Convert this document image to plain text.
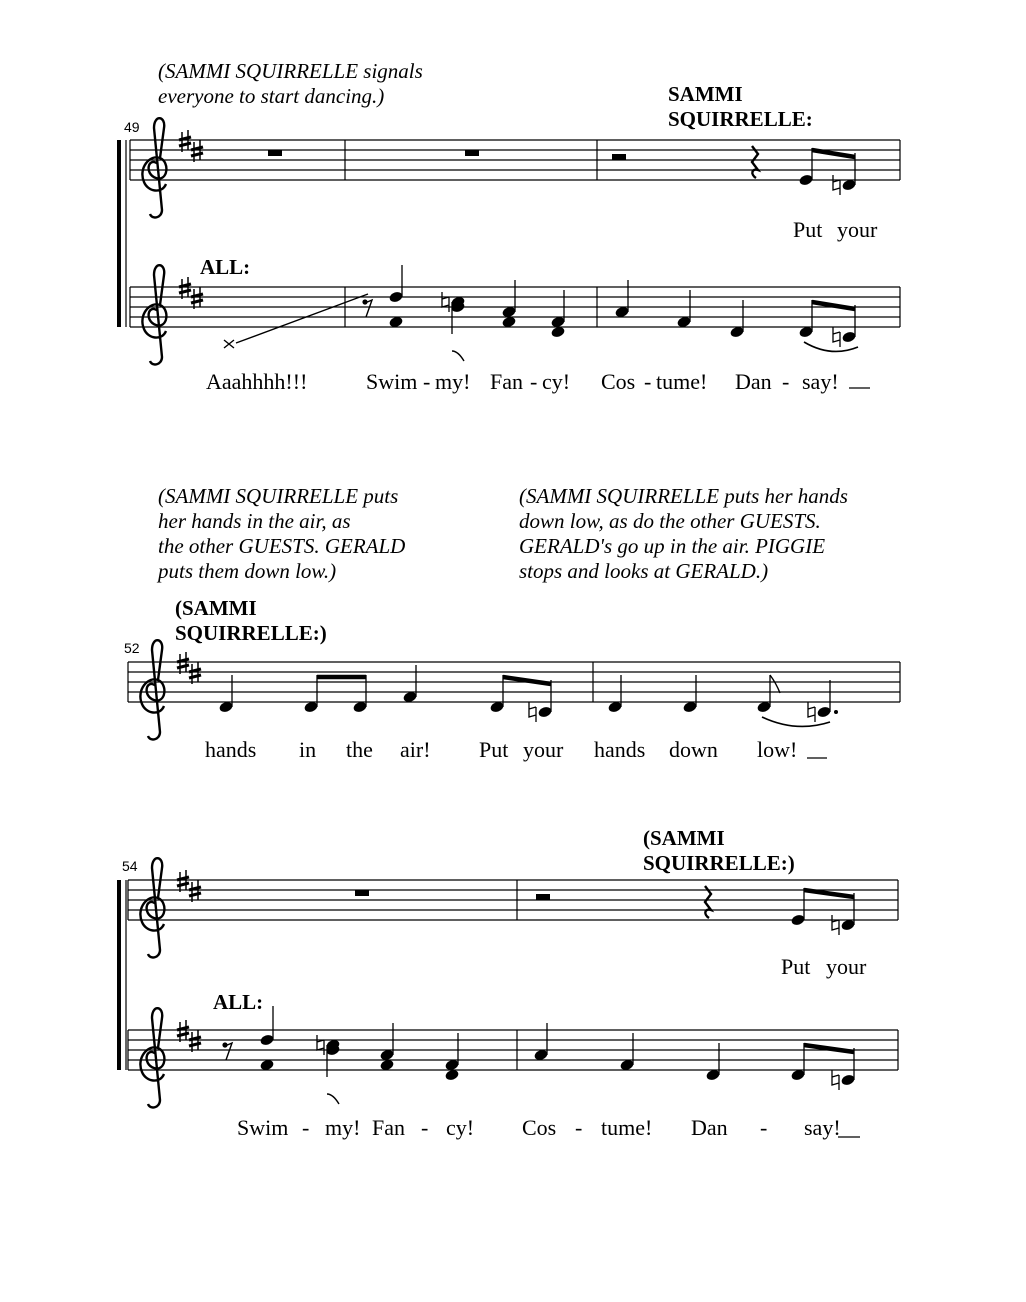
(SAMMI SQUIRRELLE signals
everyone to start dancing.)
(SAMMI SQUIRRELLE puts
her hands in the air, as
the other GUESTS. GERALD
puts them down low.)
(SAMMI SQUIRRELLE puts her hands
down low, as do the other GUESTS.
GERALD's go up in the air. PIGGIE
stops and looks at GERALD.)
SAMMI
SQUIRRELLE:
ALL:
(SAMMI
SQUIRRELLE:)
(SAMMI
SQUIRRELLE:)
ALL:
49
52
54
Put your
Aaahhhh!!!	Swim - my! Fan - cy! Cos - tume! Dan - say!
hands in the air! Put your hands down low!
Put your
Swim - my! Fan - cy! Cos - tume! Dan - say!
